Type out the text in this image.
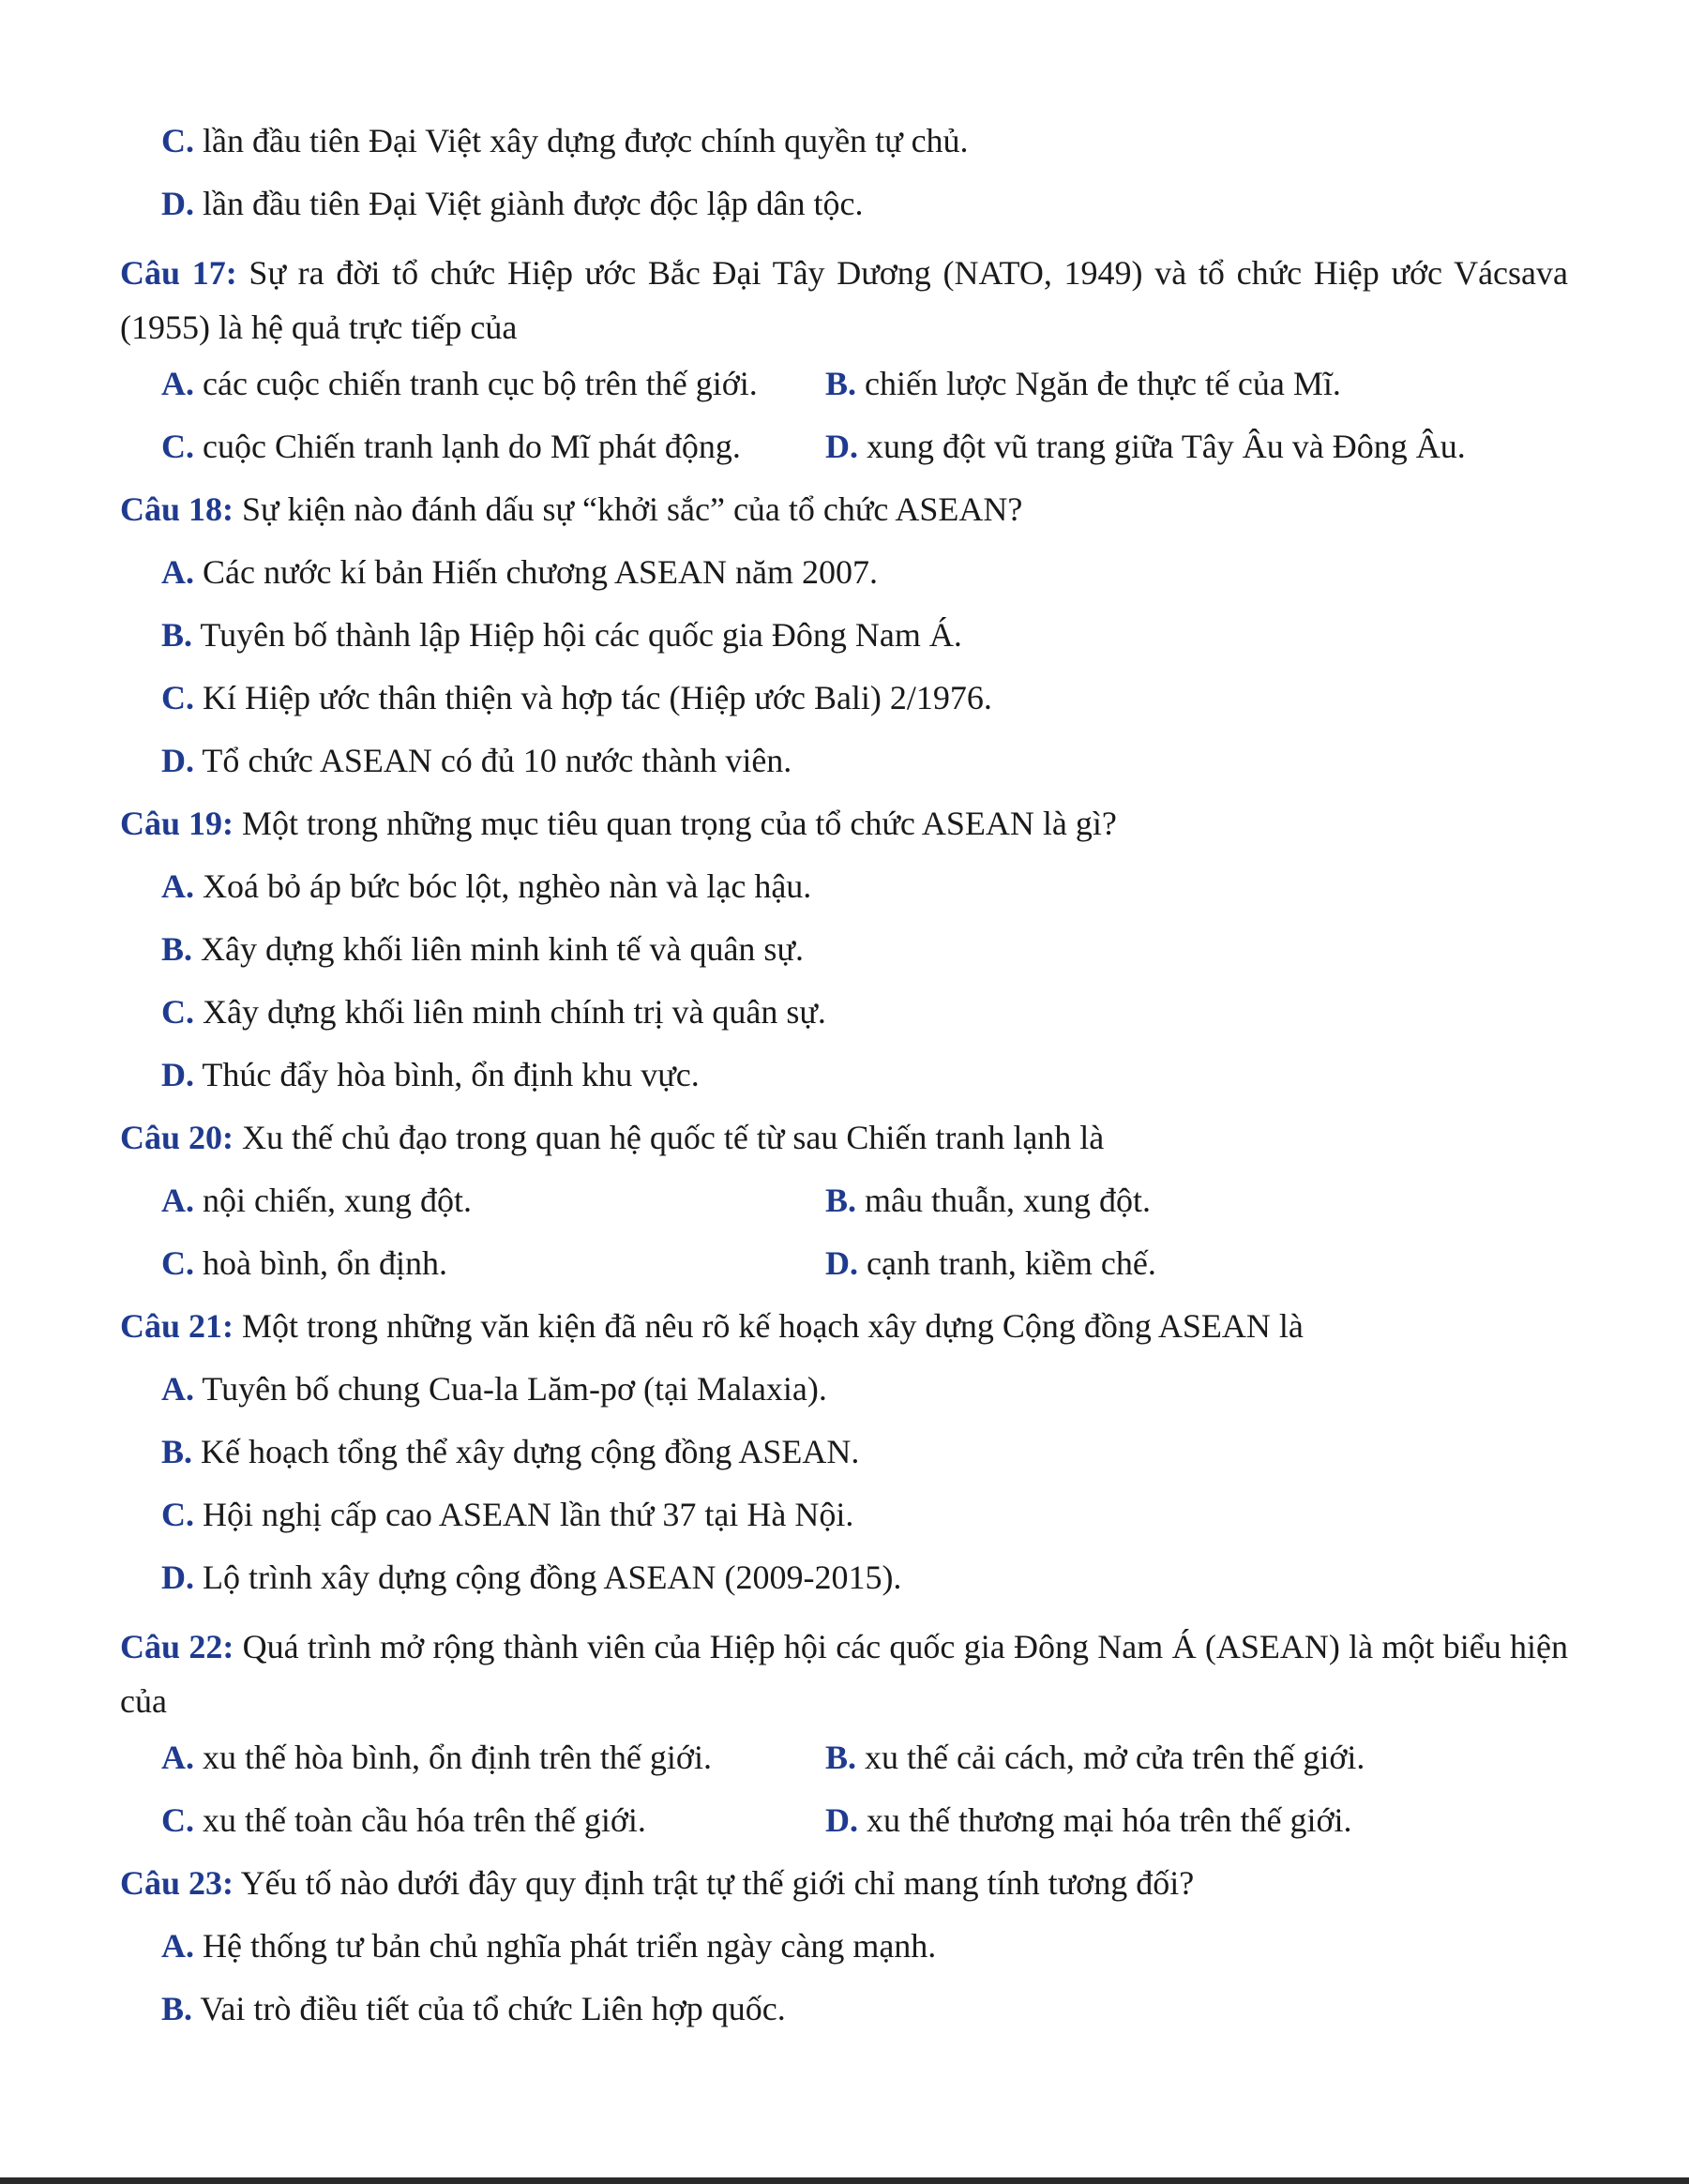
C. lần đầu tiên Đại Việt xây dựng được chính quyền tự chủ.
D. lần đầu tiên Đại Việt giành được độc lập dân tộc.
Câu 17: Sự ra đời tổ chức Hiệp ước Bắc Đại Tây Dương (NATO, 1949) và tổ chức Hiệp ước Vácsava (1955) là hệ quả trực tiếp của
A. các cuộc chiến tranh cục bộ trên thế giới.	B. chiến lược Ngăn đe thực tế của Mĩ.
C. cuộc Chiến tranh lạnh do Mĩ phát động.	D. xung đột vũ trang giữa Tây Âu và Đông Âu.
Câu 18: Sự kiện nào đánh dấu sự “khởi sắc” của tổ chức ASEAN?
A. Các nước kí bản Hiến chương ASEAN năm 2007.
B. Tuyên bố thành lập Hiệp hội các quốc gia Đông Nam Á.
C. Kí Hiệp ước thân thiện và hợp tác (Hiệp ước Bali) 2/1976.
D. Tổ chức ASEAN có đủ 10 nước thành viên.
Câu 19: Một trong những mục tiêu quan trọng của tổ chức ASEAN là gì?
A. Xoá bỏ áp bức bóc lột, nghèo nàn và lạc hậu.
B. Xây dựng khối liên minh kinh tế và quân sự.
C. Xây dựng khối liên minh chính trị và quân sự.
D. Thúc đẩy hòa bình, ổn định khu vực.
Câu 20: Xu thế chủ đạo trong quan hệ quốc tế từ sau Chiến tranh lạnh là
A. nội chiến, xung đột.	B. mâu thuẫn, xung đột.
C. hoà bình, ổn định.	D. cạnh tranh, kiềm chế.
Câu 21: Một trong những văn kiện đã nêu rõ kế hoạch xây dựng Cộng đồng ASEAN là
A. Tuyên bố chung Cua-la Lăm-pơ (tại Malaxia).
B. Kế hoạch tổng thể xây dựng cộng đồng ASEAN.
C. Hội nghị cấp cao ASEAN lần thứ 37 tại Hà Nội.
D. Lộ trình xây dựng cộng đồng ASEAN (2009-2015).
Câu 22: Quá trình mở rộng thành viên của Hiệp hội các quốc gia Đông Nam Á (ASEAN) là một biểu hiện của
A. xu thế hòa bình, ổn định trên thế giới.	B. xu thế cải cách, mở cửa trên thế giới.
C. xu thế toàn cầu hóa trên thế giới.	D. xu thế thương mại hóa trên thế giới.
Câu 23: Yếu tố nào dưới đây quy định trật tự thế giới chỉ mang tính tương đối?
A. Hệ thống tư bản chủ nghĩa phát triển ngày càng mạnh.
B. Vai trò điều tiết của tổ chức Liên hợp quốc.
